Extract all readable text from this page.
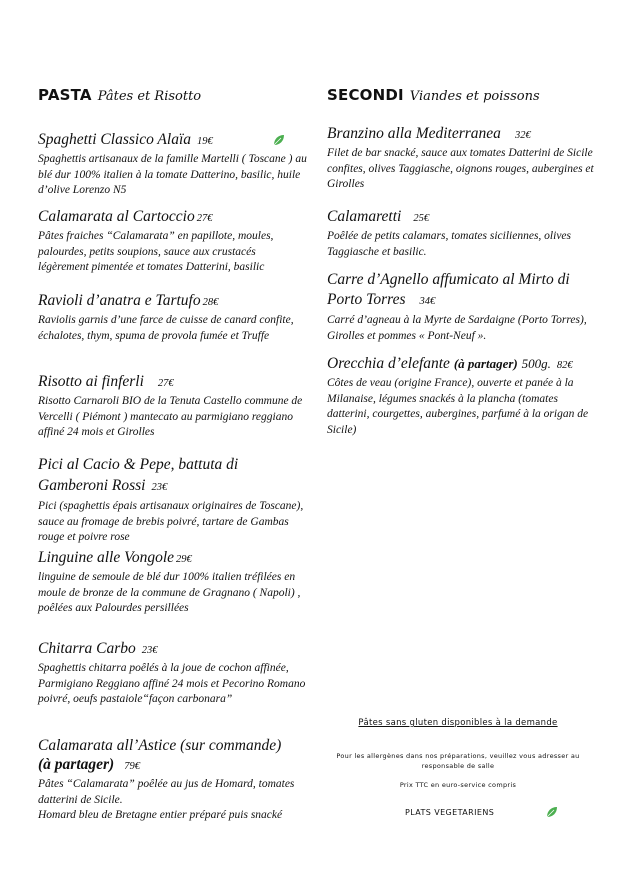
PASTA Pâtes et Risotto
Spaghetti Classico Alaïa 19€
Spaghettis artisanaux de la famille Martelli ( Toscane ) au blé dur 100% italien à la tomate Datterino, basilic, huile d’olive Lorenzo N5
Calamarata al Cartoccio 27€
Pâtes fraiches “Calamarata” en papillote, moules, palourdes, petits soupions, sauce aux crustacés légèrement pimentée et tomates Datterini, basilic
Ravioli d’anatra e Tartufo 28€
Raviolis garnis d’une farce de cuisse de canard confite, échalotes, thym, spuma de provola fumée et Truffe
Risotto ai finferli 27€
Risotto Carnaroli BIO de la Tenuta Castello commune de Vercelli ( Piémont ) mantecato au parmigiano reggiano affiné 24 mois et Girolles
Pici al Cacio & Pepe, battuta di Gamberoni Rossi 23€
Pici (spaghettis épais artisanaux originaires de Toscane), sauce au fromage de brebis poivré, tartare de Gambas rouge et poivre rose
Linguine alle Vongole 29€
linguine de semoule de blé dur 100% italien tréfilées en moule de bronze de la commune de Gragnano ( Napoli) , poêlées aux Palourdes persillées
Chitarra Carbo 23€
Spaghettis chitarra poêlés à la joue de cochon affinée, Parmigiano Reggiano affiné 24 mois et Pecorino Romano poivré, oeufs pastaiole“façon carbonara”
Calamarata all’Astice (sur commande)
(à partager) 79€
Pâtes “Calamarata” poêlée au jus de Homard, tomates datterini de Sicile.
Homard bleu de Bretagne entier préparé puis snacké
SECONDI Viandes et poissons
Branzino alla Mediterranea 32€
Filet de bar snacké, sauce aux tomates Datterini de Sicile confites, olives Taggiasche, oignons rouges, aubergines et Girolles
Calamaretti 25€
Poêlée de petits calamars, tomates siciliennes, olives Taggiasche et basilic.
Carre d’Agnello affumicato al Mirto di Porto Torres 34€
Carré d’agneau à la Myrte de Sardaigne (Porto Torres), Girolles et pommes « Pont-Neuf ».
Orecchia d’elefante (à partager) 500g. 82€
Côtes de veau (origine France), ouverte et panée à la Milanaise, légumes snackés à la plancha (tomates datterini, courgettes, aubergines, parfumé à la origan de Sicile)
Pâtes sans gluten disponibles à la demande
Pour les allergènes dans nos préparations, veuillez vous adresser au responsable de salle
Prix TTC en euro-service compris
PLATS VEGETARIENS
